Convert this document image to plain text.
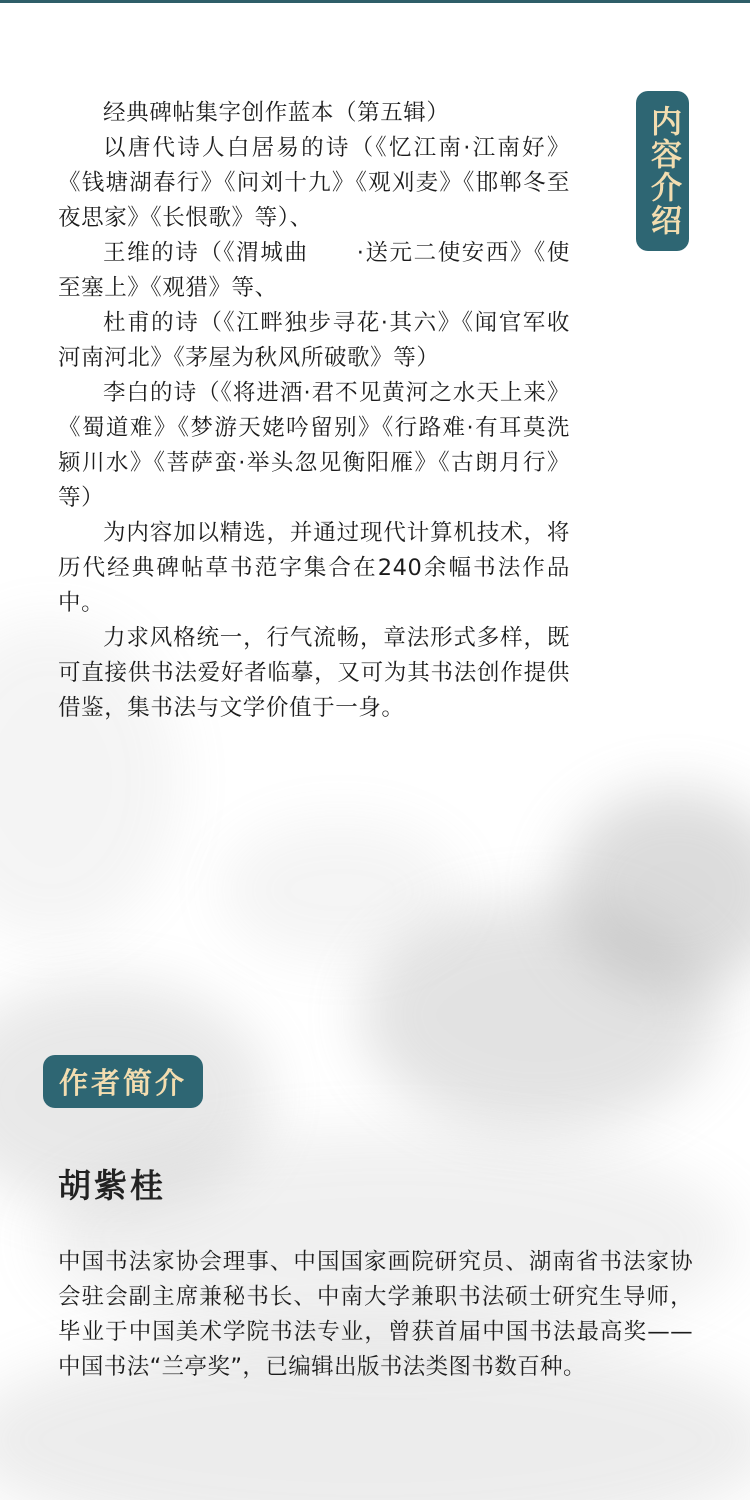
经典碑帖集字创作蓝本（第五辑）

以唐代诗人白居易的诗（《忆江南·江南好》《钱塘湖春行》《问刘十九》《观刈麦》《邯郸冬至夜思家》《长恨歌》等）、

王维的诗（《渭城曲　　·送元二使安西》《使至塞上》《观猎》等、

杜甫的诗（《江畔独步寻花·其六》《闻官军收河南河北》《茅屋为秋风所破歌》等）

李白的诗（《将进酒·君不见黄河之水天上来》《蜀道难》《梦游天姥吟留别》《行路难·有耳莫洗颍川水》《菩萨蛮·举头忽见衡阳雁》《古朗月行》等）

为内容加以精选，并通过现代计算机技术，将历代经典碑帖草书范字集合在240余幅书法作品中。

力求风格统一，行气流畅，章法形式多样，既可直接供书法爱好者临摹，又可为其书法创作提供借鉴，集书法与文学价值于一身。

内容介绍
作者简介
胡紫桂

中国书法家协会理事、中国国家画院研究员、湖南省书法家协会驻会副主席兼秘书长、中南大学兼职书法硕士研究生导师，毕业于中国美术学院书法专业，曾获首届中国书法最高奖——中国书法“兰亭奖”，已编辑出版书法类图书数百种。
